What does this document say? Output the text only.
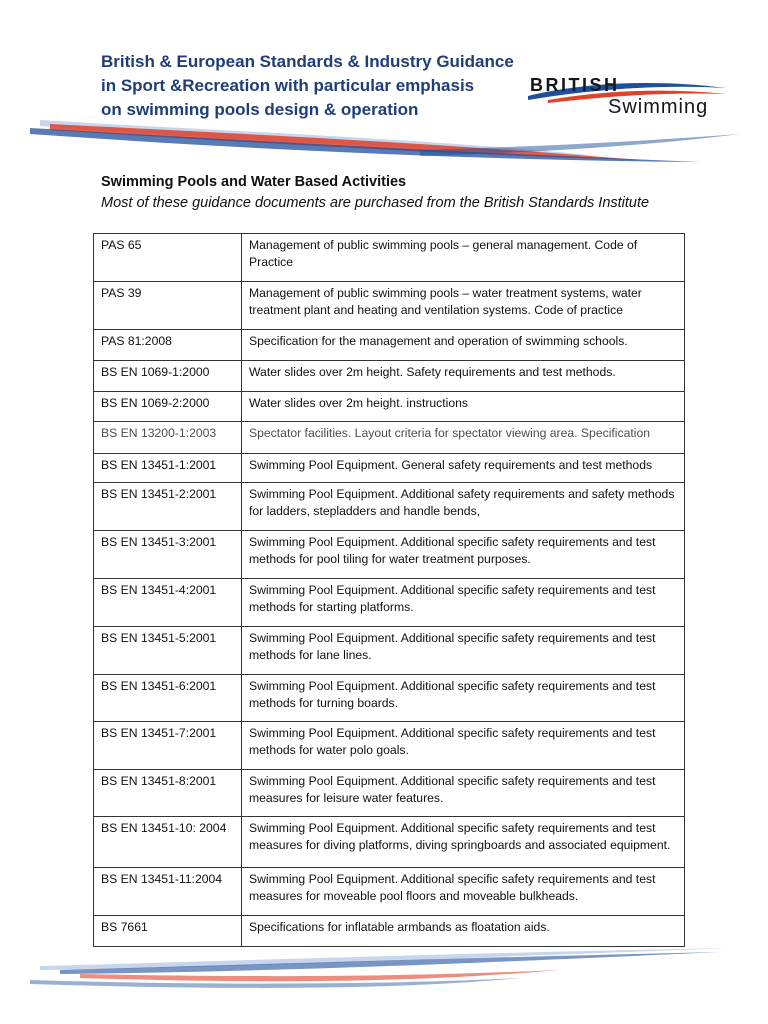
British & European Standards & Industry Guidance
in Sport &Recreation with particular emphasis
on swimming pools design & operation
BRITISH
Swimming
Swimming Pools and Water Based Activities
Most of these guidance documents are purchased from the British Standards Institute
PAS 65	Management of public swimming pools – general management. Code of Practice
PAS 39	Management of public swimming pools – water treatment systems, water treatment plant and heating and ventilation systems. Code of practice
PAS 81:2008	Specification for the management and operation of swimming schools.
BS EN 1069-1:2000	Water slides over 2m height. Safety requirements and test methods.
BS EN 1069-2:2000	Water slides over 2m height. instructions
BS EN 13200-1:2003	Spectator facilities. Layout criteria for spectator viewing area. Specification
BS EN 13451-1:2001	Swimming Pool Equipment. General safety requirements and test methods
BS EN 13451-2:2001	Swimming Pool Equipment. Additional safety requirements and safety methods for ladders, stepladders and handle bends,
BS EN 13451-3:2001	Swimming Pool Equipment. Additional specific safety requirements and test methods for pool tiling for water treatment purposes.
BS EN 13451-4:2001	Swimming Pool Equipment. Additional specific safety requirements and test methods for starting platforms.
BS EN 13451-5:2001	Swimming Pool Equipment. Additional specific safety requirements and test methods for lane lines.
BS EN 13451-6:2001	Swimming Pool Equipment. Additional specific safety requirements and test methods for turning boards.
BS EN 13451-7:2001	Swimming Pool Equipment. Additional specific safety requirements and test methods for water polo goals.
BS EN 13451-8:2001	Swimming Pool Equipment. Additional specific safety requirements and test measures for leisure water features.
BS EN 13451-10: 2004	Swimming Pool Equipment. Additional specific safety requirements and test measures for diving platforms, diving springboards and associated equipment.
BS EN 13451-11:2004	Swimming Pool Equipment. Additional specific safety requirements and test measures for moveable pool floors and moveable bulkheads.
BS 7661	Specifications for inflatable armbands as floatation aids.
